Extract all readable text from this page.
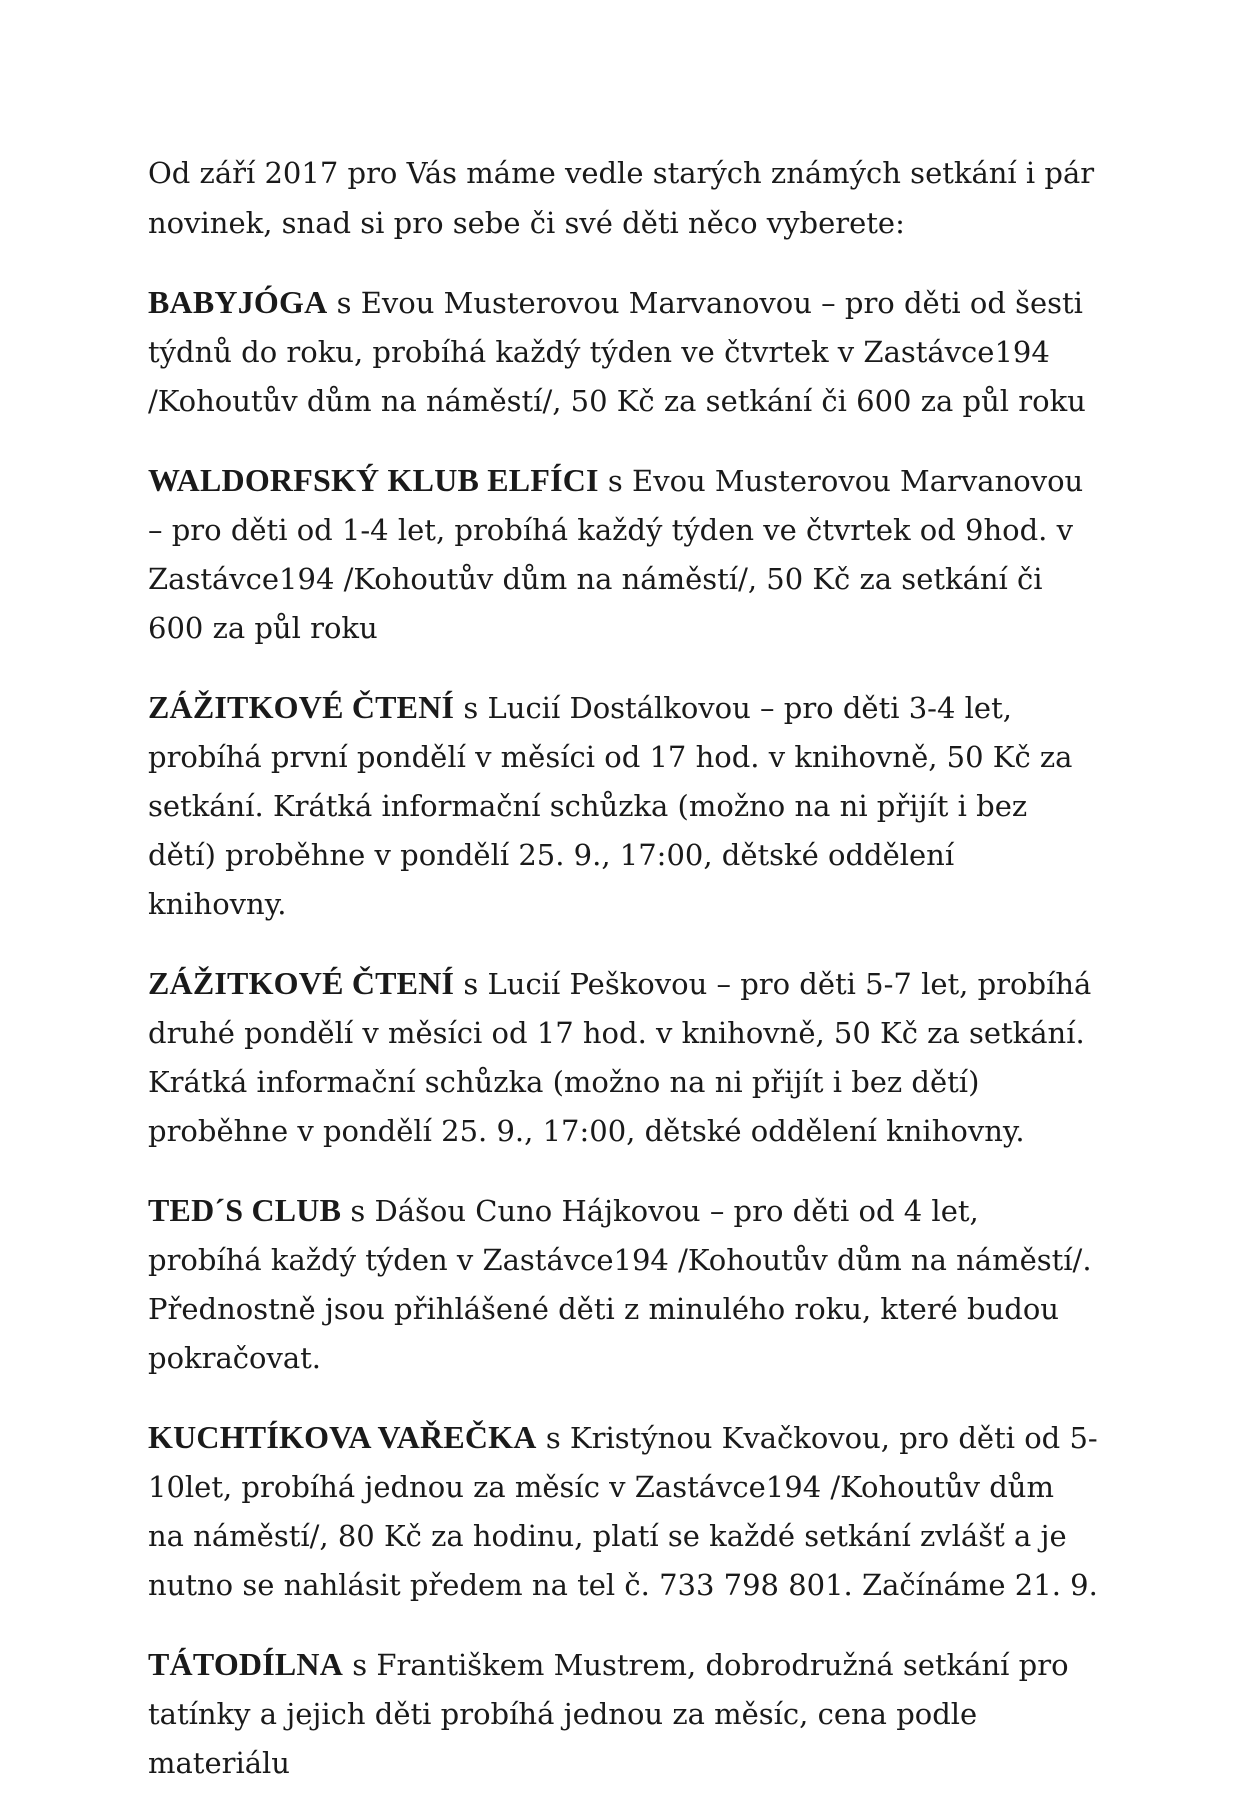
Od září 2017 pro Vás máme vedle starých známých setkání i pár novinek, snad si pro sebe či své děti něco vyberete:

BABYJÓGA s Evou Musterovou Marvanovou – pro děti od šesti týdnů do roku, probíhá každý týden ve čtvrtek v Zastávce194 /Kohoutův dům na náměstí/, 50 Kč za setkání či 600 za půl roku

WALDORFSKÝ KLUB ELFÍCI s Evou Musterovou Marvanovou – pro děti od 1-4 let, probíhá každý týden ve čtvrtek od 9hod. v Zastávce194 /Kohoutův dům na náměstí/, 50 Kč za setkání či 600 za půl roku

ZÁŽITKOVÉ ČTENÍ s Lucií Dostálkovou – pro děti 3-4 let, probíhá první pondělí v měsíci od 17 hod. v knihovně, 50 Kč za setkání. Krátká informační schůzka (možno na ni přijít i bez dětí) proběhne v pondělí 25. 9., 17:00, dětské oddělení knihovny.

ZÁŽITKOVÉ ČTENÍ s Lucií Peškovou – pro děti 5-7 let, probíhá druhé pondělí v měsíci od 17 hod. v knihovně, 50 Kč za setkání. Krátká informační schůzka (možno na ni přijít i bez dětí) proběhne v pondělí 25. 9., 17:00, dětské oddělení knihovny.

TED´S CLUB s Dášou Cuno Hájkovou – pro děti od 4 let, probíhá každý týden v Zastávce194 /Kohoutův dům na náměstí/. Přednostně jsou přihlášené děti z minulého roku, které budou pokračovat.

KUCHTÍKOVA VAŘEČKA s Kristýnou Kvačkovou, pro děti od 5-10let, probíhá jednou za měsíc v Zastávce194 /Kohoutův dům na náměstí/, 80 Kč za hodinu, platí se každé setkání zvlášť a je nutno se nahlásit předem na tel č. 733 798 801. Začínáme 21. 9.

TÁTODÍLNA s Františkem Mustrem, dobrodružná setkání pro tatínky a jejich děti probíhá jednou za měsíc, cena podle materiálu
